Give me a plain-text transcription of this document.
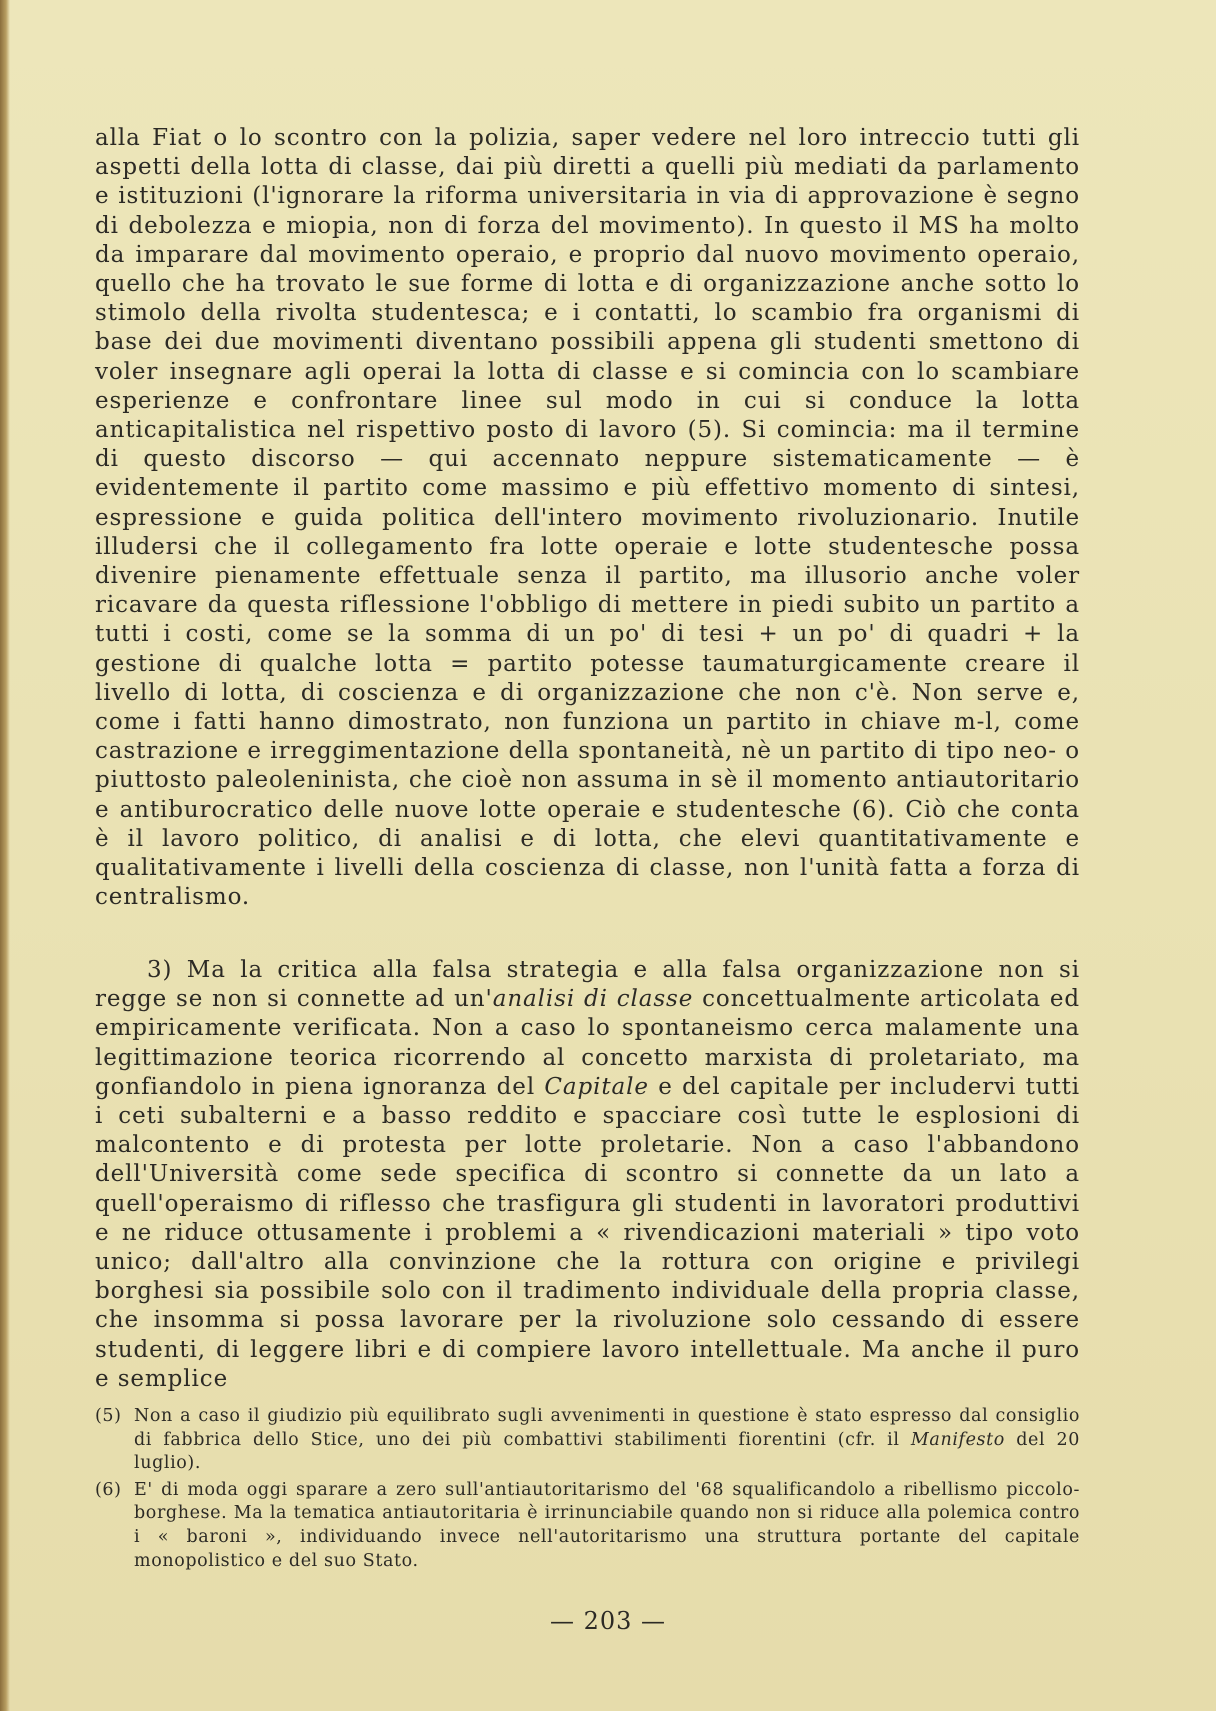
alla Fiat o lo scontro con la polizia, saper vedere nel loro intreccio tutti gli aspetti della lotta di classe, dai più diretti a quelli più mediati da parlamento e istituzioni (l'ignorare la riforma universitaria in via di approvazione è segno di debolezza e miopia, non di forza del movimento). In questo il MS ha molto da imparare dal movimento operaio, e proprio dal nuovo movimento operaio, quello che ha trovato le sue forme di lotta e di organizzazione anche sotto lo stimolo della rivolta studentesca; e i contatti, lo scambio fra organismi di base dei due movimenti diventano possibili appena gli studenti smettono di voler insegnare agli operai la lotta di classe e si comincia con lo scambiare esperienze e confrontare linee sul modo in cui si conduce la lotta anticapitalistica nel rispettivo posto di lavoro (5). Si comincia: ma il termine di questo discorso — qui accennato neppure sistematicamente — è evidentemente il partito come massimo e più effettivo momento di sintesi, espressione e guida politica dell'intero movimento rivoluzionario. Inutile illudersi che il collegamento fra lotte operaie e lotte studentesche possa divenire pienamente effettuale senza il partito, ma illusorio anche voler ricavare da questa riflessione l'obbligo di mettere in piedi subito un partito a tutti i costi, come se la somma di un po' di tesi + un po' di quadri + la gestione di qualche lotta = partito potesse taumaturgicamente creare il livello di lotta, di coscienza e di organizzazione che non c'è. Non serve e, come i fatti hanno dimostrato, non funziona un partito in chiave m-l, come castrazione e irreggimentazione della spontaneità, nè un partito di tipo neo- o piuttosto paleoleninista, che cioè non assuma in sè il momento antiautoritario e antiburocratico delle nuove lotte operaie e studentesche (6). Ciò che conta è il lavoro politico, di analisi e di lotta, che elevi quantitativamente e qualitativamente i livelli della coscienza di classe, non l'unità fatta a forza di centralismo.

3) Ma la critica alla falsa strategia e alla falsa organizzazione non si regge se non si connette ad un'analisi di classe concettualmente articolata ed empiricamente verificata. Non a caso lo spontaneismo cerca malamente una legittimazione teorica ricorrendo al concetto marxista di proletariato, ma gonfiandolo in piena ignoranza del Capitale e del capitale per includervi tutti i ceti subalterni e a basso reddito e spacciare così tutte le esplosioni di malcontento e di protesta per lotte proletarie. Non a caso l'abbandono dell'Università come sede specifica di scontro si connette da un lato a quell'operaismo di riflesso che trasfigura gli studenti in lavoratori produttivi e ne riduce ottusamente i problemi a « rivendicazioni materiali » tipo voto unico; dall'altro alla convinzione che la rottura con origine e privilegi borghesi sia possibile solo con il tradimento individuale della propria classe, che insomma si possa lavorare per la rivoluzione solo cessando di essere studenti, di leggere libri e di compiere lavoro intellettuale. Ma anche il puro e semplice

(5) Non a caso il giudizio più equilibrato sugli avvenimenti in questione è stato espresso dal consiglio di fabbrica dello Stice, uno dei più combattivi stabilimenti fiorentini (cfr. il Manifesto del 20 luglio).
(6) E' di moda oggi sparare a zero sull'antiautoritarismo del '68 squalificandolo a ribellismo piccolo-borghese. Ma la tematica antiautoritaria è irrinunciabile quando non si riduce alla polemica contro i « baroni », individuando invece nell'autoritarismo una struttura portante del capitale monopolistico e del suo Stato.
— 203 —
